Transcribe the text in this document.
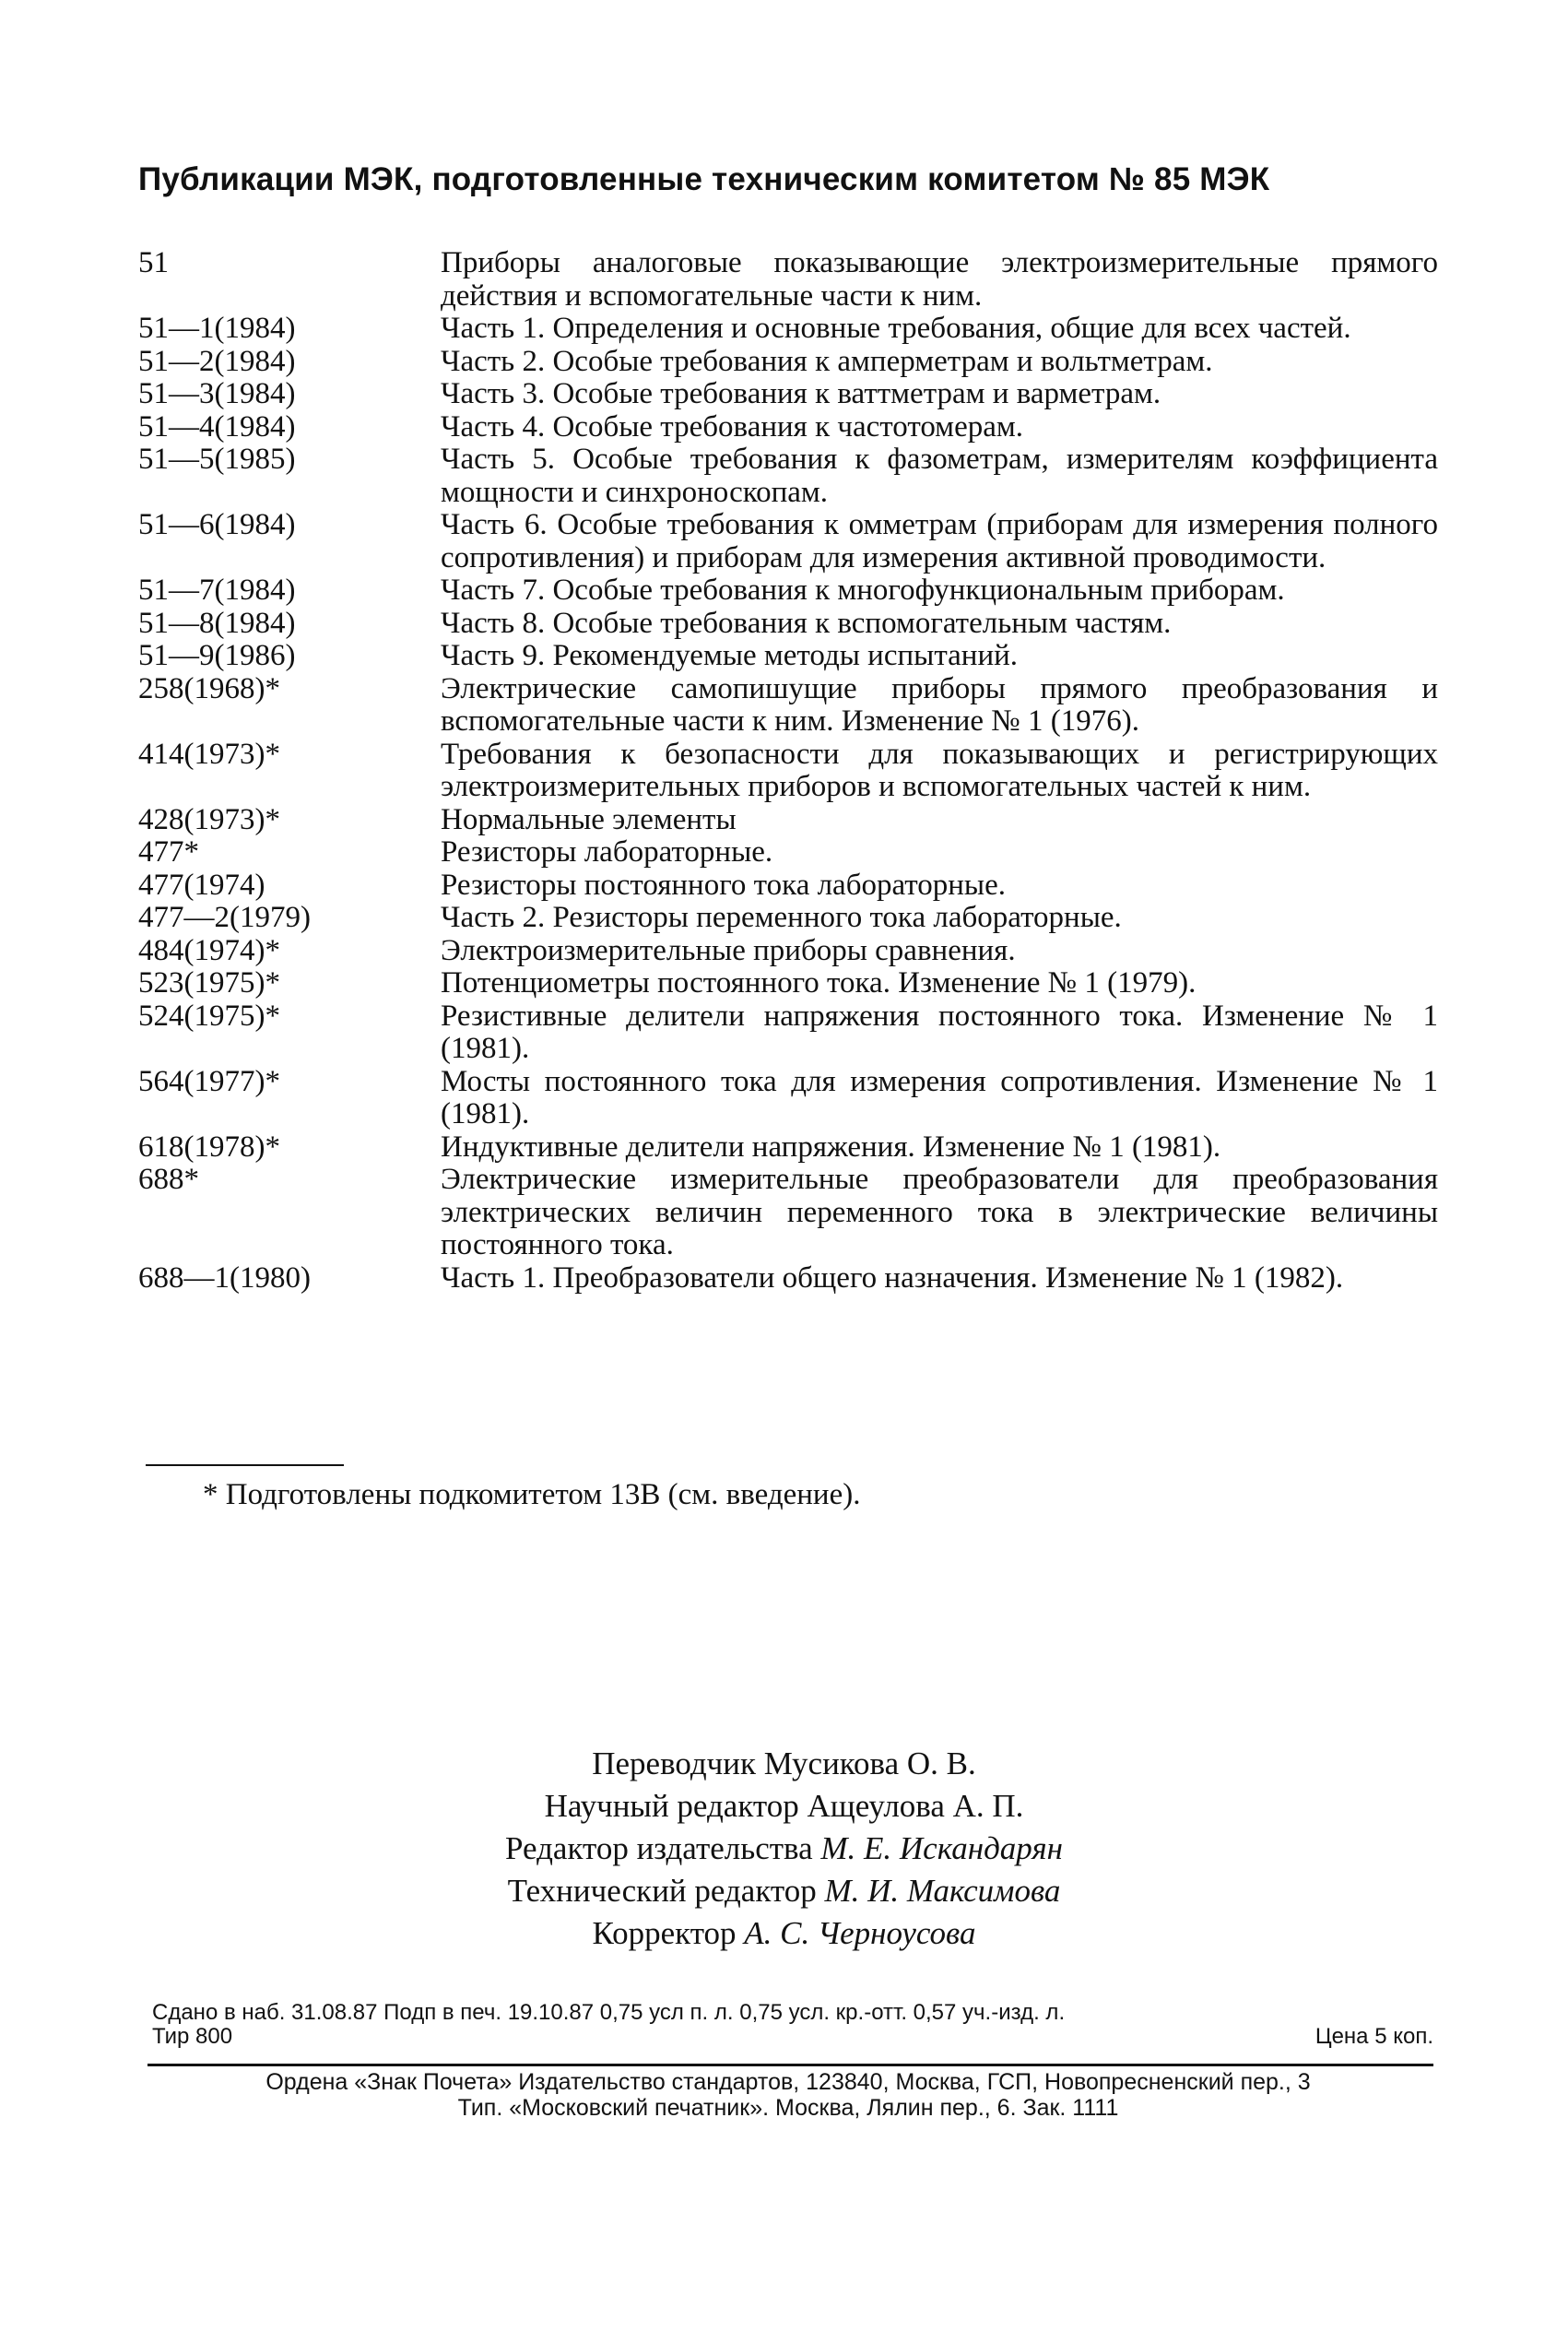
Публикации МЭК, подготовленные техническим комитетом № 85 МЭК
51	Приборы аналоговые показывающие электроизмерительные прямого действия и вспомогательные части к ним.
51—1(1984)	Часть 1. Определения и основные требования, общие для всех частей.
51—2(1984)	Часть 2. Особые требования к амперметрам и вольтметрам.
51—3(1984)	Часть 3. Особые требования к ваттметрам и варметрам.
51—4(1984)	Часть 4. Особые требования к частотомерам.
51—5(1985)	Часть 5. Особые требования к фазометрам, измерителям коэффициента мощности и синхроноскопам.
51—6(1984)	Часть 6. Особые требования к омметрам (приборам для измерения полного сопротивления) и приборам для измерения активной проводимости.
51—7(1984)	Часть 7. Особые требования к многофункциональным приборам.
51—8(1984)	Часть 8. Особые требования к вспомогательным частям.
51—9(1986)	Часть 9. Рекомендуемые методы испытаний.
258(1968)*	Электрические самопишущие приборы прямого преобразования и вспомогательные части к ним. Изменение № 1 (1976).
414(1973)*	Требования к безопасности для показывающих и регистрирующих электроизмерительных приборов и вспомогательных частей к ним.
428(1973)*	Нормальные элементы
477*	Резисторы лабораторные.
477(1974)	Резисторы постоянного тока лабораторные.
477—2(1979)	Часть 2. Резисторы переменного тока лабораторные.
484(1974)*	Электроизмерительные приборы сравнения.
523(1975)*	Потенциометры постоянного тока. Изменение № 1 (1979).
524(1975)*	Резистивные делители напряжения постоянного тока. Изменение № 1 (1981).
564(1977)*	Мосты постоянного тока для измерения сопротивления. Изменение № 1 (1981).
618(1978)*	Индуктивные делители напряжения. Изменение № 1 (1981).
688*	Электрические измерительные преобразователи для преобразования электрических величин переменного тока в электрические величины постоянного тока.
688—1(1980)	Часть 1. Преобразователи общего назначения. Изменение № 1 (1982).
* Подготовлены подкомитетом 13В (см. введение).
Переводчик Мусикова О. В.
Научный редактор Ащеулова А. П.
Редактор издательства М. Е. Искандарян
Технический редактор М. И. Максимова
Корректор А. С. Черноусова
Сдано в наб. 31.08.87 Подп в печ. 19.10.87 0,75 усл п. л. 0,75 усл. кр.-отт. 0,57 уч.-изд. л.
Тир 800	Цена 5 коп.
Ордена «Знак Почета» Издательство стандартов, 123840, Москва, ГСП, Новопресненский пер., 3
Тип. «Московский печатник». Москва, Лялин пер., 6. Зак. 1111
